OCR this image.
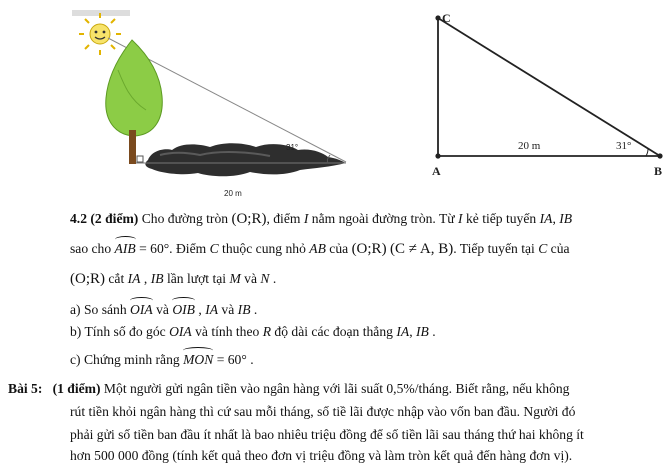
31°
20 m
C
A	B
20 m	31°
4.2 (2 điểm) Cho đường tròn (O;R), điểm I nằm ngoài đường tròn. Từ I kẻ tiếp tuyến IA, IB
sao cho AIB = 60°. Điểm C thuộc cung nhỏ AB của (O;R) (C ≠ A, B). Tiếp tuyến tại C của
(O;R) cắt IA , IB lần lượt tại M và N .
a) So sánh OIA và OIB , IA và IB .
b) Tính số đo góc OIA và tính theo R độ dài các đoạn thẳng IA, IB .
c) Chứng minh rằng MON = 60° .
Bài 5: (1 điểm) Một người gửi ngân tiền vào ngân hàng với lãi suất 0,5%/tháng. Biết rằng, nếu không
rút tiền khỏi ngân hàng thì cứ sau mỗi tháng, số tiề lãi được nhập vào vốn ban đầu. Người đó
phải gửi số tiền ban đầu ít nhất là bao nhiêu triệu đồng để số tiền lãi sau tháng thứ hai không ít
hơn 500 000 đồng (tính kết quả theo đơn vị triệu đồng và làm tròn kết quả đến hàng đơn vị).
